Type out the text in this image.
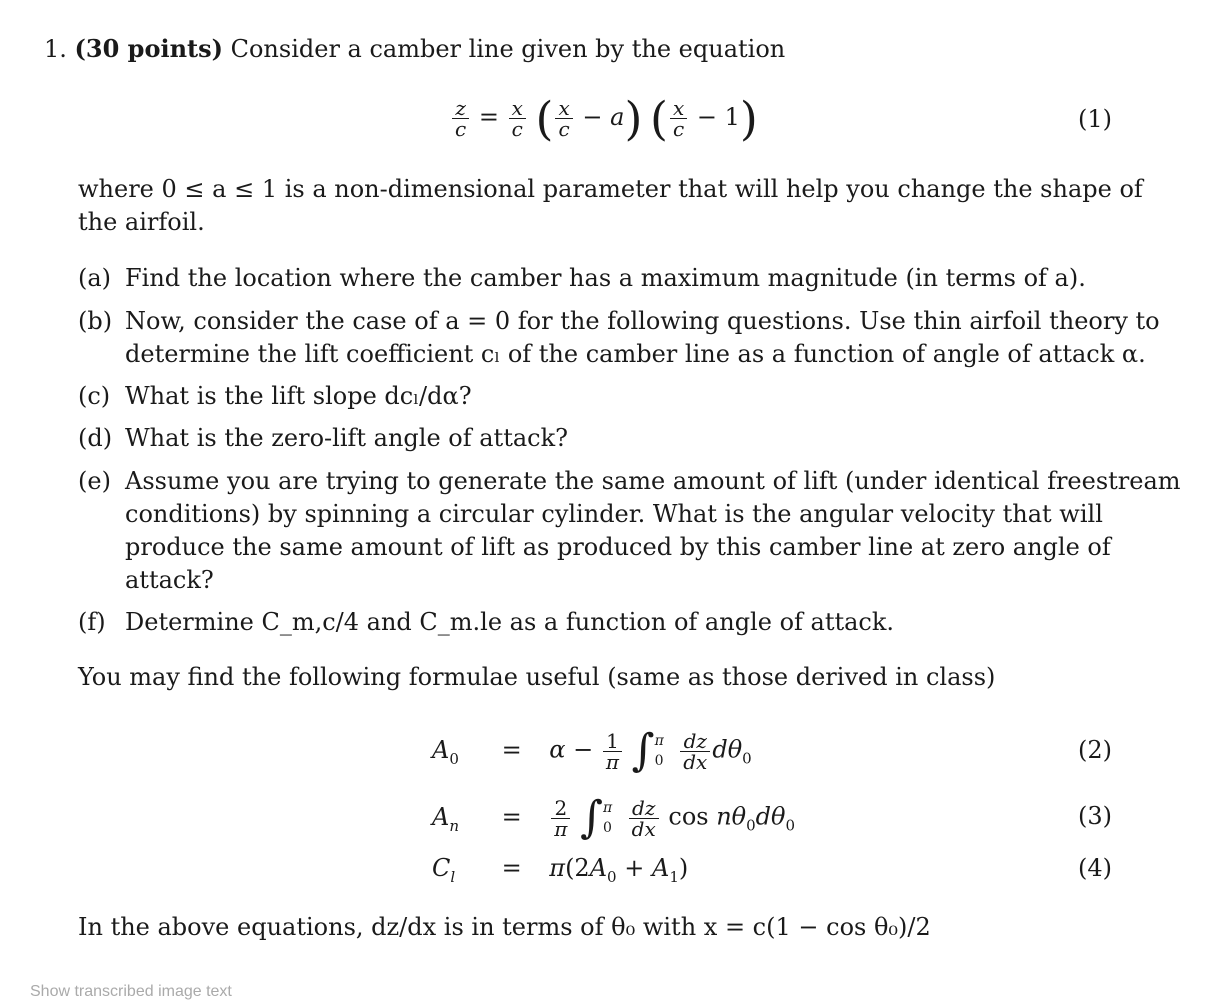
1. (30 points) Consider a camber line given by the equation
$\frac{z}{c} = \frac{x}{c}$ ( $\frac{x}{c} - a$) ( $\frac{x}{c} - 1$)	(1)
where 0 ≤ a ≤ 1 is a non-dimensional parameter that will help you change the shape of
the airfoil.
(a) Find the location where the camber has a maximum magnitude (in terms of a).
(b) Now, consider the case of a = 0 for the following questions. Use thin airfoil theory to
determine the lift coefficient cₗ of the camber line as a function of angle of attack α.
(c) What is the lift slope dcₗ/dα?
(d) What is the zero-lift angle of attack?
(e) Assume you are trying to generate the same amount of lift (under identical freestream
conditions) by spinning a circular cylinder. What is the angular velocity that will
produce the same amount of lift as produced by this camber line at zero angle of
attack?
(f) Determine C_m,c/4 and C_m.le as a function of angle of attack.
You may find the following formulae useful (same as those derived in class)
$A_0 = \alpha - \frac{1}{\pi}$ ∫ π
0
$\frac{dz}{dx} d\theta_0$	(2)
$A_n = \frac{2}{\pi}$ ∫ π
0
$\frac{dz}{dx}$ $\cos n\theta_0d\theta_0$	(3)
$C_l = \pi(2A_0 + A_1)$	(4)
In the above equations, dz/dx is in terms of θ₀ with x = c(1 − cos θ₀)/2
Show transcribed image text
